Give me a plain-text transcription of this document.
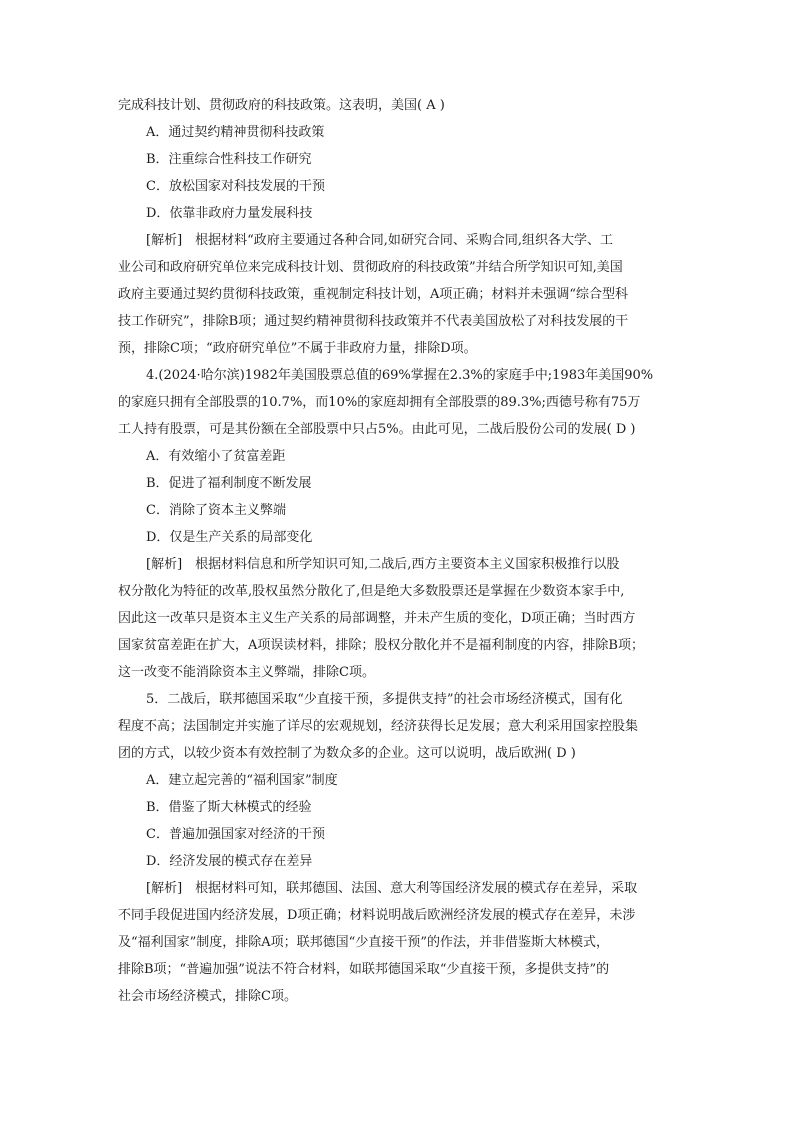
完成科技计划、贯彻政府的科技政策。这表明，美国( A )
A．通过契约精神贯彻科技政策
B．注重综合性科技工作研究
C．放松国家对科技发展的干预
D．依靠非政府力量发展科技
[解析]　根据材料“政府主要通过各种合同,如研究合同、采购合同,组织各大学、工
业公司和政府研究单位来完成科技计划、贯彻政府的科技政策”并结合所学知识可知,美国
政府主要通过契约贯彻科技政策，重视制定科技计划，A项正确；材料并未强调“综合型科
技工作研究”，排除B项；通过契约精神贯彻科技政策并不代表美国放松了对科技发展的干
预，排除C项；“政府研究单位”不属于非政府力量，排除D项。
4.(2024·哈尔滨)1982年美国股票总值的69%掌握在2.3%的家庭手中;1983年美国90%
的家庭只拥有全部股票的10.7%，而10%的家庭却拥有全部股票的89.3%;西德号称有75万
工人持有股票，可是其份额在全部股票中只占5%。由此可见，二战后股份公司的发展( D )
A．有效缩小了贫富差距
B．促进了福利制度不断发展
C．消除了资本主义弊端
D．仅是生产关系的局部变化
[解析]　根据材料信息和所学知识可知,二战后,西方主要资本主义国家积极推行以股
权分散化为特征的改革,股权虽然分散化了,但是绝大多数股票还是掌握在少数资本家手中,
因此这一改革只是资本主义生产关系的局部调整，并未产生质的变化，D项正确；当时西方
国家贫富差距在扩大，A项误读材料，排除；股权分散化并不是福利制度的内容，排除B项；
这一改变不能消除资本主义弊端，排除C项。
5．二战后，联邦德国采取“少直接干预，多提供支持”的社会市场经济模式，国有化
程度不高；法国制定并实施了详尽的宏观规划，经济获得长足发展；意大利采用国家控股集
团的方式，以较少资本有效控制了为数众多的企业。这可以说明，战后欧洲( D )
A．建立起完善的“福利国家”制度
B．借鉴了斯大林模式的经验
C．普遍加强国家对经济的干预
D．经济发展的模式存在差异
[解析]　根据材料可知，联邦德国、法国、意大利等国经济发展的模式存在差异，采取
不同手段促进国内经济发展，D项正确；材料说明战后欧洲经济发展的模式存在差异，未涉
及“福利国家”制度，排除A项；联邦德国“少直接干预”的作法，并非借鉴斯大林模式，
排除B项；“普遍加强”说法不符合材料，如联邦德国采取“少直接干预，多提供支持”的
社会市场经济模式，排除C项。
